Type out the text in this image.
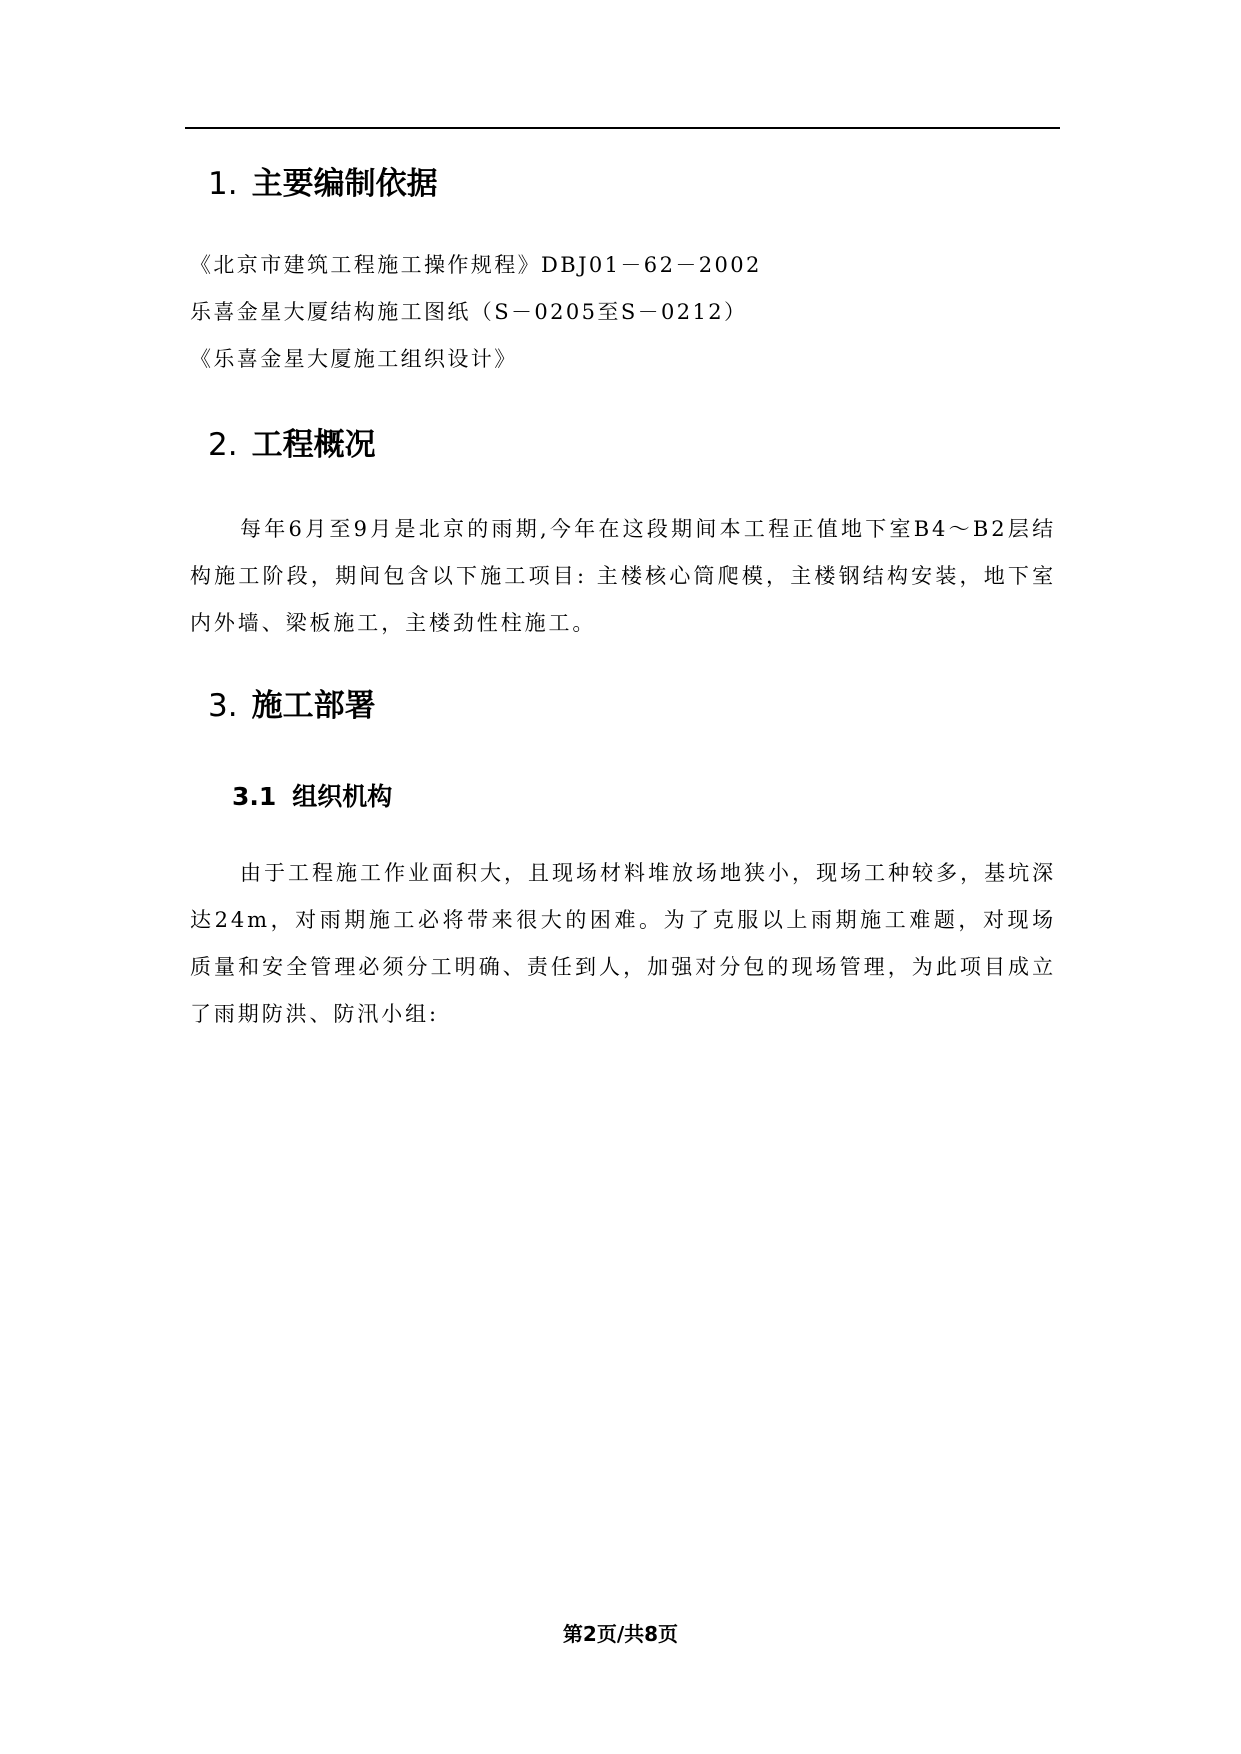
1. 主要编制依据

《北京市建筑工程施工操作规程》DBJ01－62－2002

乐喜金星大厦结构施工图纸（S－0205至S－0212）

《乐喜金星大厦施工组织设计》

2. 工程概况

每年6月至9月是北京的雨期,今年在这段期间本工程正值地下室B4～B2层结构施工阶段，期间包含以下施工项目: 主楼核心筒爬模，主楼钢结构安装，地下室内外墙、梁板施工，主楼劲性柱施工。

3. 施工部署
3.1 组织机构

由于工程施工作业面积大，且现场材料堆放场地狭小，现场工种较多，基坑深达24m，对雨期施工必将带来很大的困难。为了克服以上雨期施工难题，对现场质量和安全管理必须分工明确、责任到人，加强对分包的现场管理，为此项目成立了雨期防洪、防汛小组:

第2页/共8页
